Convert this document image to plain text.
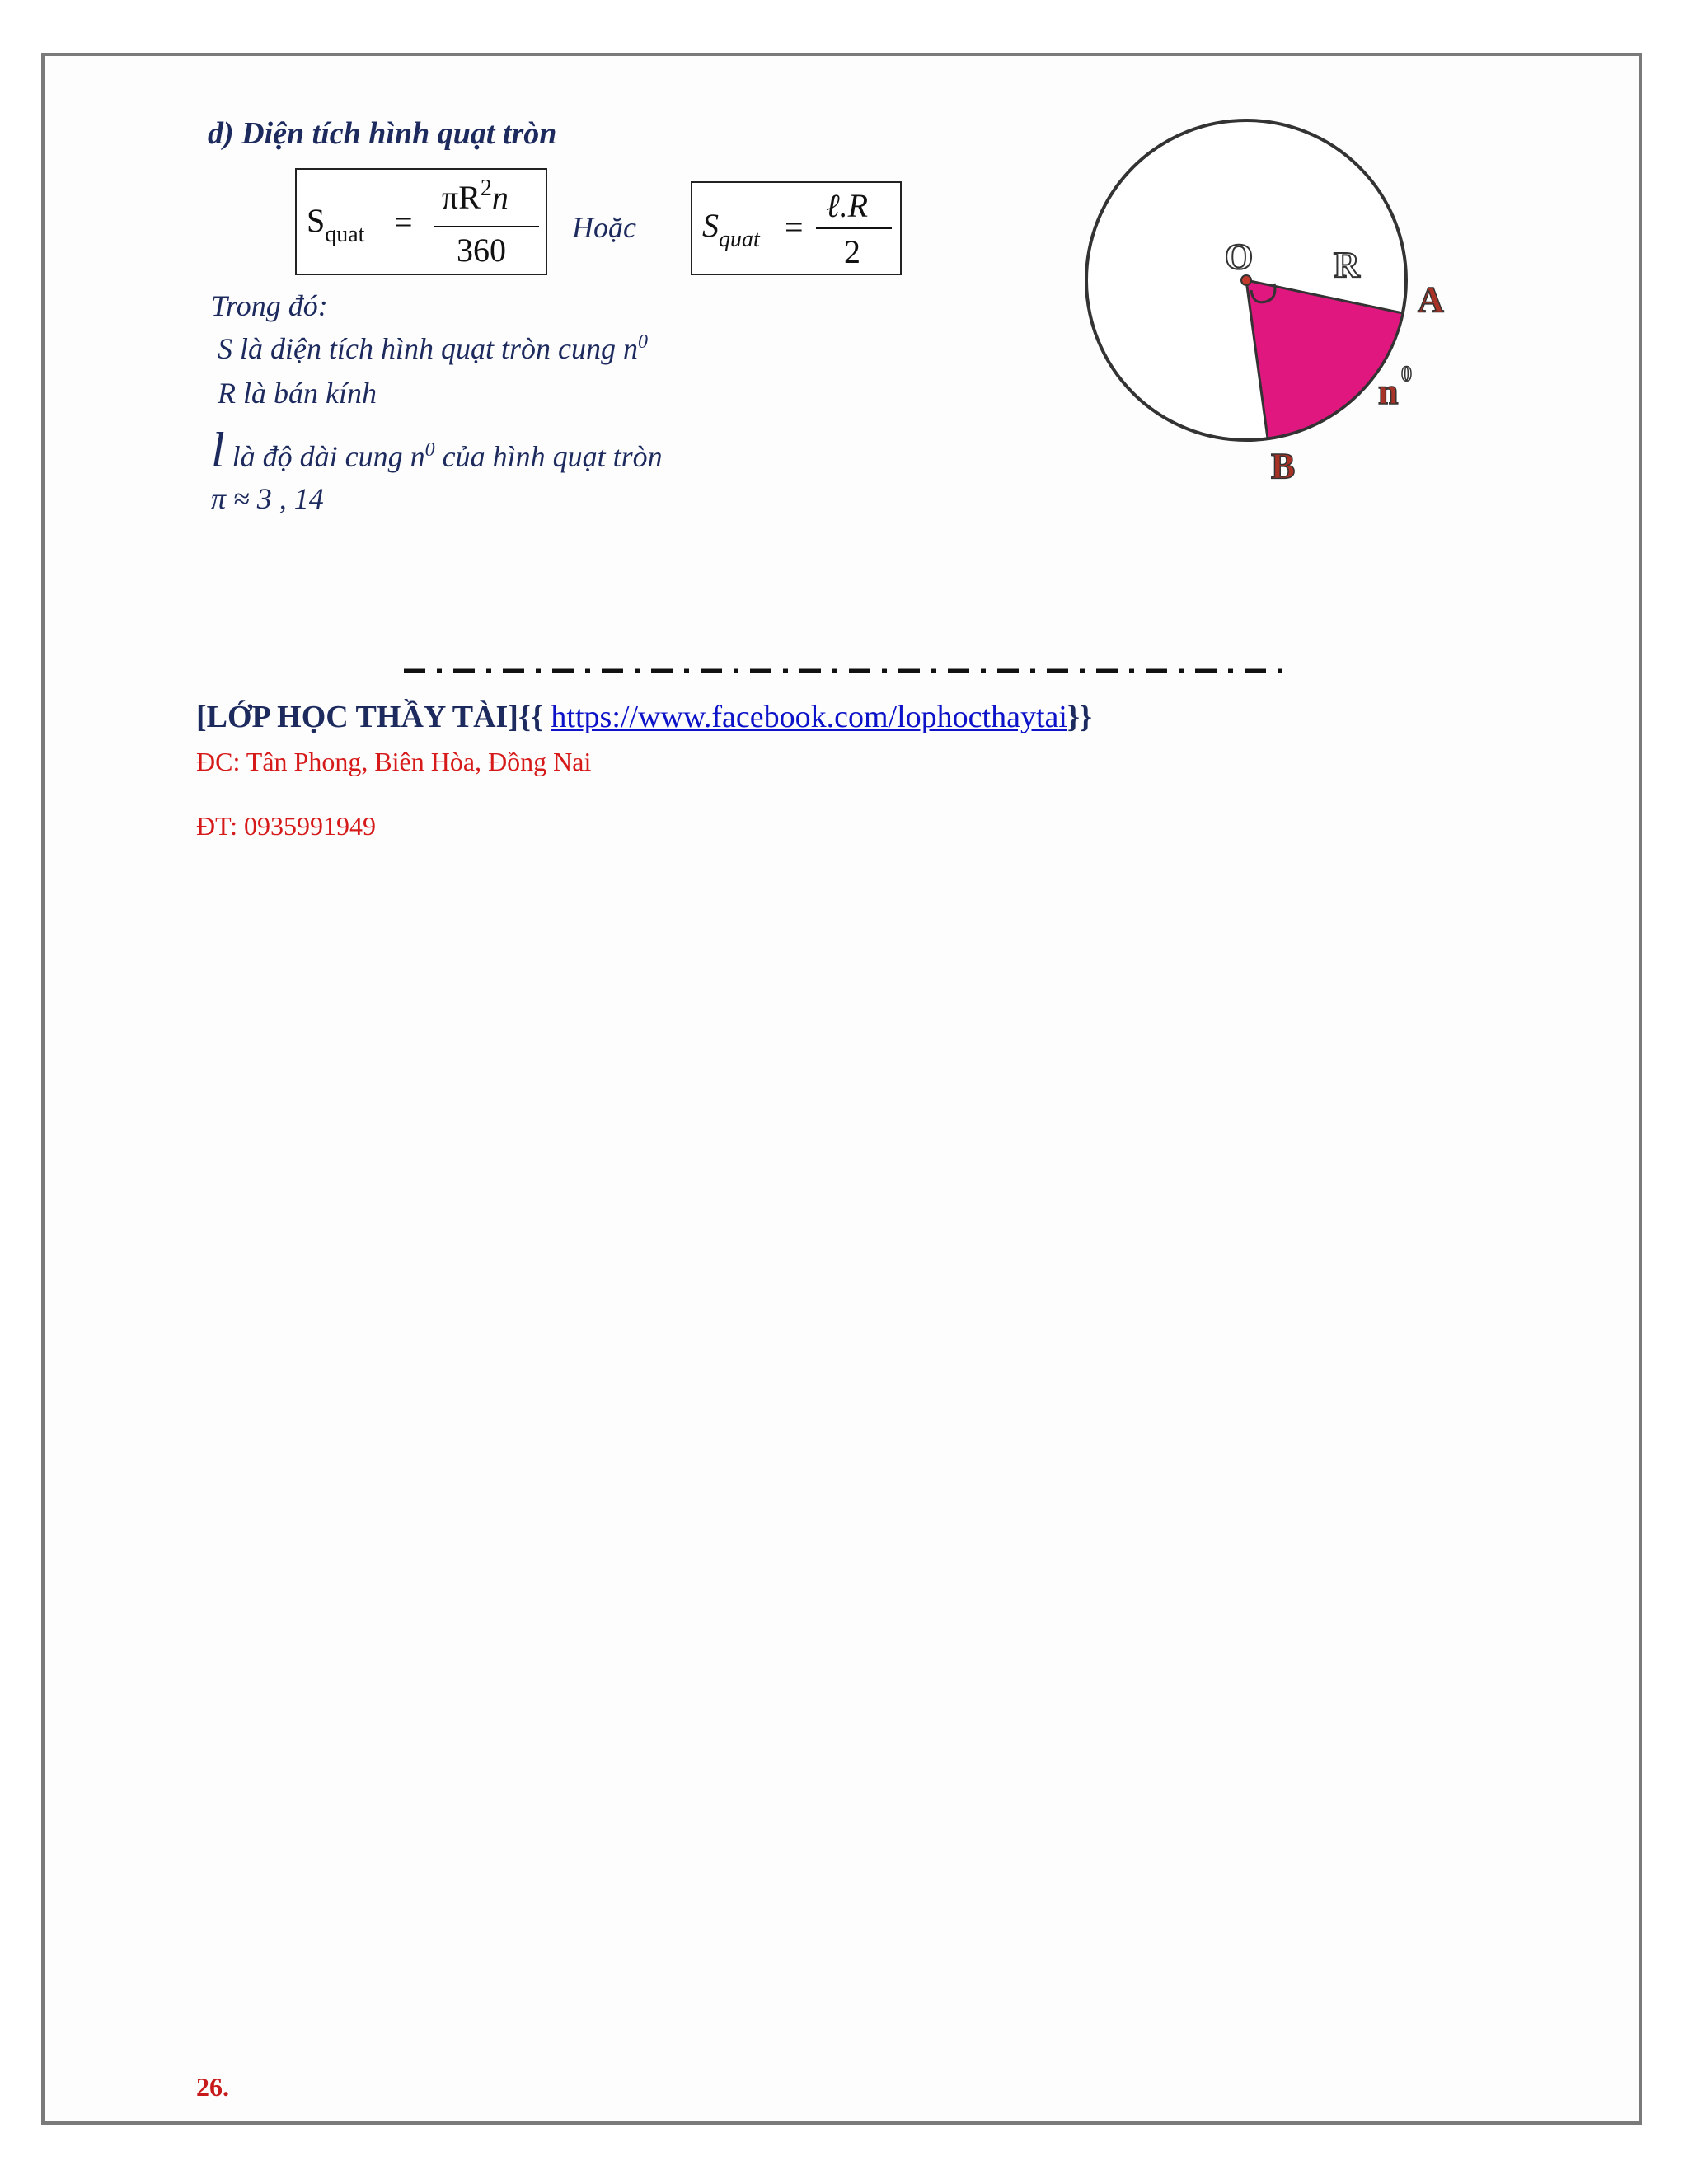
d) Diện tích hình quạt tròn
$S_{quat}$ =
$\pi R^2n$
360
Hoặc $S_{quat}$ =
ℓ.R
2
Trong đó:
S là diện tích hình quạt tròn cung $n^0$
R là bán kính
l là độ dài cung $n^0$ của hình quạt tròn
π ≈ 3 , 14
O R
A
n 0
B
[LỚP HỌC THẦY TÀI]{{ https://www.facebook.com/lophocthaytai}}
ĐC: Tân Phong, Biên Hòa, Đồng Nai
ĐT: 0935991949
26.
